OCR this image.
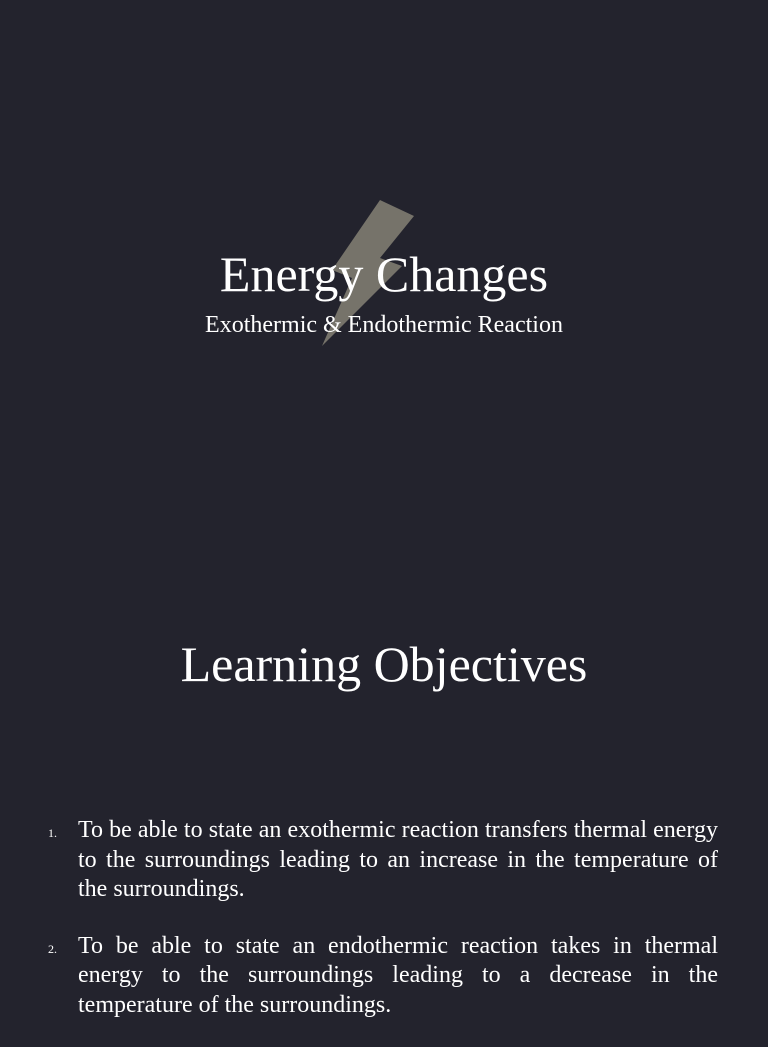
Energy Changes

Exothermic & Endothermic Reaction

Learning Objectives
1. To be able to state an exothermic reaction transfers thermal energy to the surroundings leading to an increase in the temperature of the surroundings.
2. To be able to state an endothermic reaction takes in thermal energy to the surroundings leading to a decrease in the temperature of the surroundings.
